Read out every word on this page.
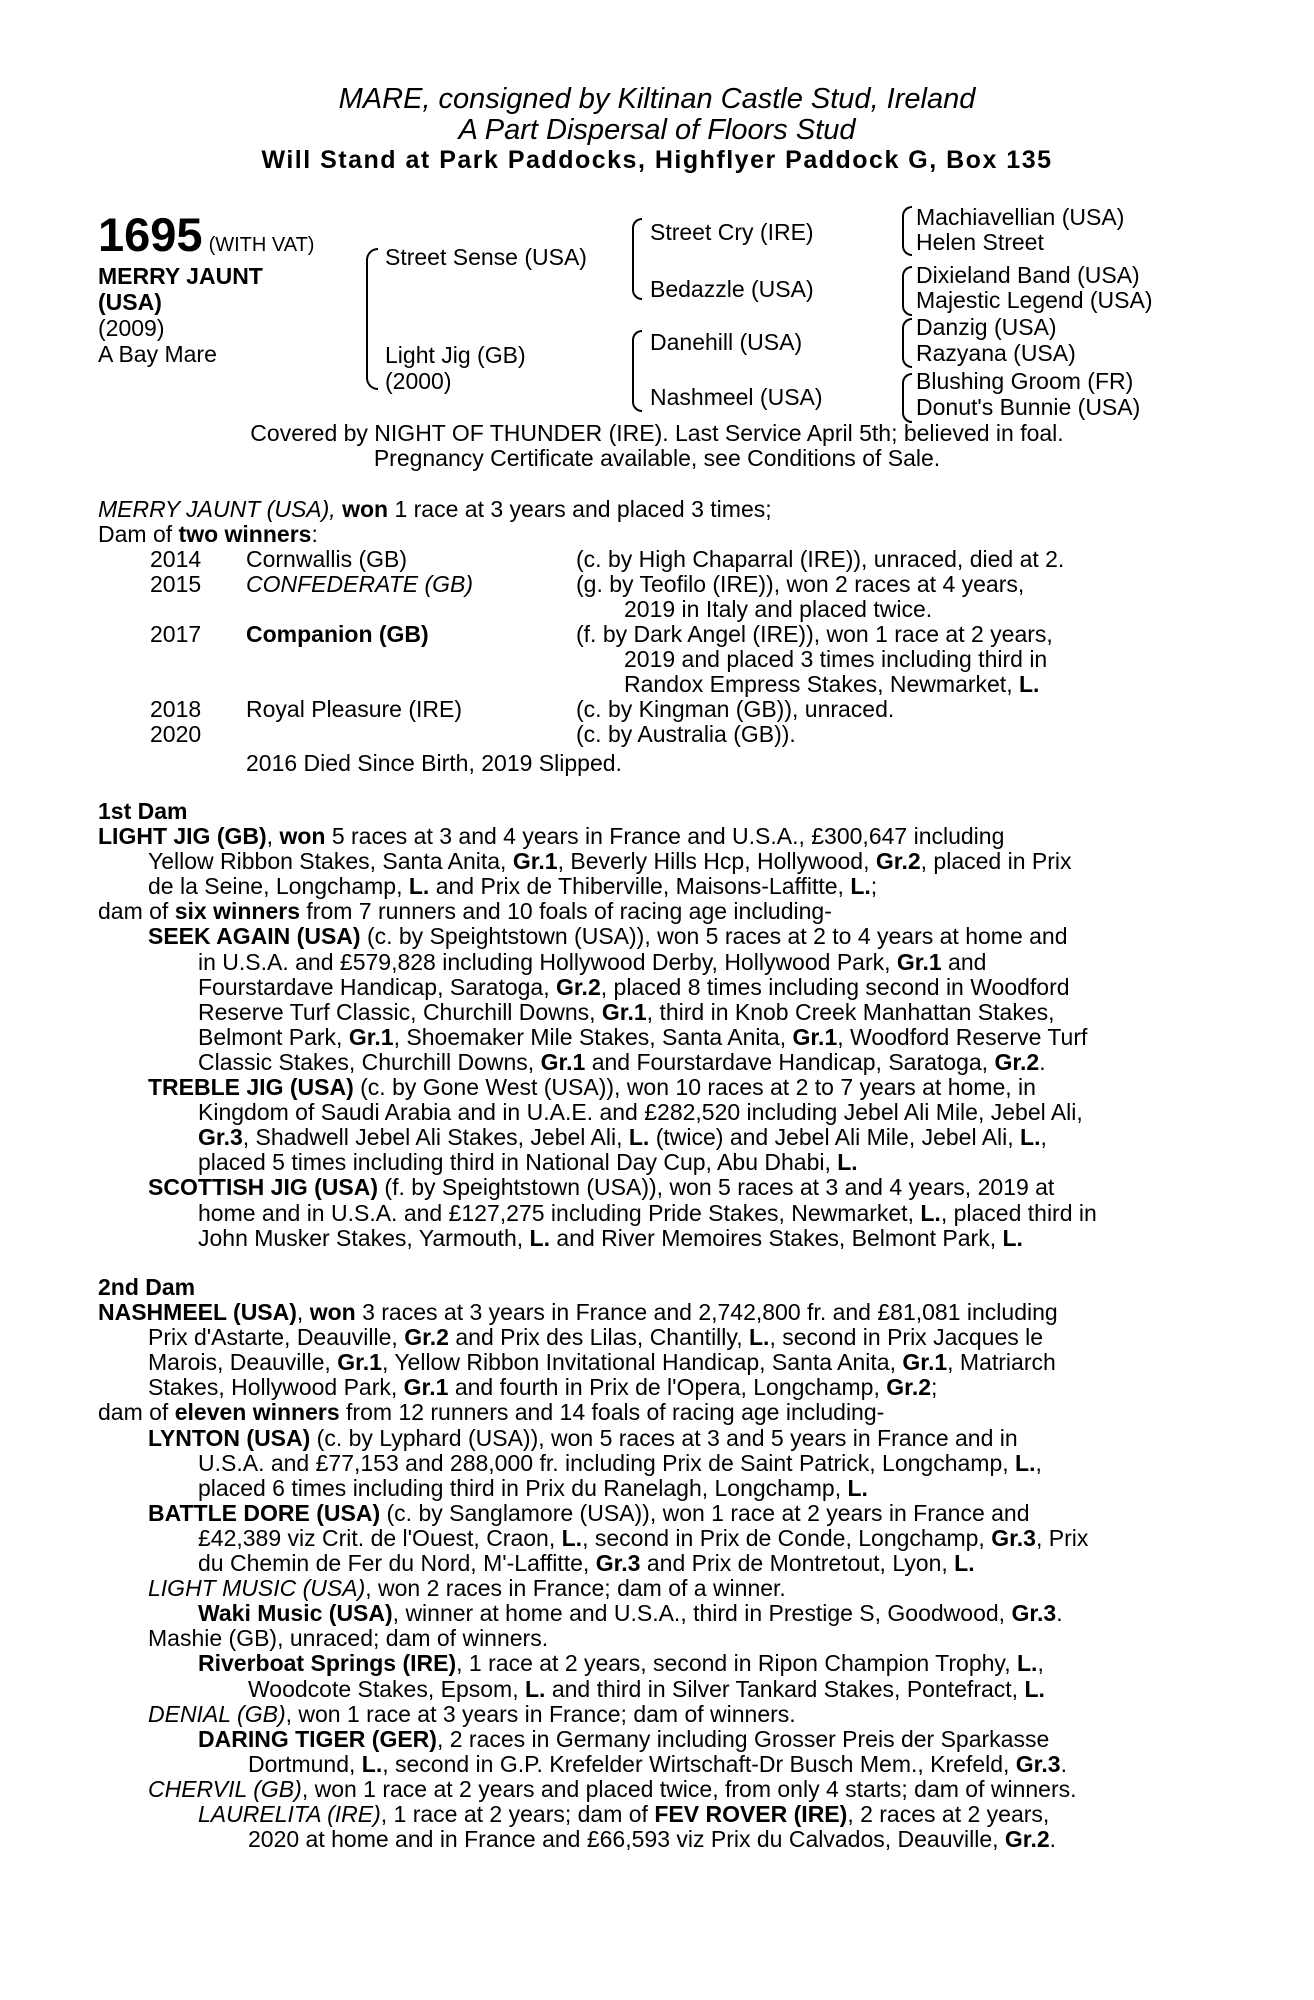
MARE, consigned by Kiltinan Castle Stud, Ireland
A Part Dispersal of Floors Stud
Will Stand at Park Paddocks, Highflyer Paddock G, Box 135
1695 (WITH VAT)
MERRY JAUNT
(USA)
(2009)
A Bay Mare
Street Sense (USA)
Light Jig (GB)
(2000)
Street Cry (IRE)
Bedazzle (USA)
Danehill (USA)
Nashmeel (USA)
Machiavellian (USA)
Helen Street
Dixieland Band (USA)
Majestic Legend (USA)
Danzig (USA)
Razyana (USA)
Blushing Groom (FR)
Donut's Bunnie (USA)
Covered by NIGHT OF THUNDER (IRE). Last Service April 5th; believed in foal.
Pregnancy Certificate available, see Conditions of Sale.
MERRY JAUNT (USA), won 1 race at 3 years and placed 3 times;
Dam of two winners:
2014 Cornwallis (GB)	(c. by High Chaparral (IRE)), unraced, died at 2.
2015 CONFEDERATE (GB)	(g. by Teofilo (IRE)), won 2 races at 4 years,
2019 in Italy and placed twice.
2017 Companion (GB)	(f. by Dark Angel (IRE)), won 1 race at 2 years,
2019 and placed 3 times including third in
Randox Empress Stakes, Newmarket, L.
2018 Royal Pleasure (IRE)	(c. by Kingman (GB)), unraced.
2020	(c. by Australia (GB)).
2016 Died Since Birth, 2019 Slipped.
1st Dam
LIGHT JIG (GB), won 5 races at 3 and 4 years in France and U.S.A., £300,647 including
Yellow Ribbon Stakes, Santa Anita, Gr.1, Beverly Hills Hcp, Hollywood, Gr.2, placed in Prix
de la Seine, Longchamp, L. and Prix de Thiberville, Maisons-Laffitte, L.;
dam of six winners from 7 runners and 10 foals of racing age including-
SEEK AGAIN (USA) (c. by Speightstown (USA)), won 5 races at 2 to 4 years at home and
in U.S.A. and £579,828 including Hollywood Derby, Hollywood Park, Gr.1 and
Fourstardave Handicap, Saratoga, Gr.2, placed 8 times including second in Woodford
Reserve Turf Classic, Churchill Downs, Gr.1, third in Knob Creek Manhattan Stakes,
Belmont Park, Gr.1, Shoemaker Mile Stakes, Santa Anita, Gr.1, Woodford Reserve Turf
Classic Stakes, Churchill Downs, Gr.1 and Fourstardave Handicap, Saratoga, Gr.2.
TREBLE JIG (USA) (c. by Gone West (USA)), won 10 races at 2 to 7 years at home, in
Kingdom of Saudi Arabia and in U.A.E. and £282,520 including Jebel Ali Mile, Jebel Ali,
Gr.3, Shadwell Jebel Ali Stakes, Jebel Ali, L. (twice) and Jebel Ali Mile, Jebel Ali, L.,
placed 5 times including third in National Day Cup, Abu Dhabi, L.
SCOTTISH JIG (USA) (f. by Speightstown (USA)), won 5 races at 3 and 4 years, 2019 at
home and in U.S.A. and £127,275 including Pride Stakes, Newmarket, L., placed third in
John Musker Stakes, Yarmouth, L. and River Memoires Stakes, Belmont Park, L.
2nd Dam
NASHMEEL (USA), won 3 races at 3 years in France and 2,742,800 fr. and £81,081 including
Prix d'Astarte, Deauville, Gr.2 and Prix des Lilas, Chantilly, L., second in Prix Jacques le
Marois, Deauville, Gr.1, Yellow Ribbon Invitational Handicap, Santa Anita, Gr.1, Matriarch
Stakes, Hollywood Park, Gr.1 and fourth in Prix de l'Opera, Longchamp, Gr.2;
dam of eleven winners from 12 runners and 14 foals of racing age including-
LYNTON (USA) (c. by Lyphard (USA)), won 5 races at 3 and 5 years in France and in
U.S.A. and £77,153 and 288,000 fr. including Prix de Saint Patrick, Longchamp, L.,
placed 6 times including third in Prix du Ranelagh, Longchamp, L.
BATTLE DORE (USA) (c. by Sanglamore (USA)), won 1 race at 2 years in France and
£42,389 viz Crit. de l'Ouest, Craon, L., second in Prix de Conde, Longchamp, Gr.3, Prix
du Chemin de Fer du Nord, M'-Laffitte, Gr.3 and Prix de Montretout, Lyon, L.
LIGHT MUSIC (USA), won 2 races in France; dam of a winner.
Waki Music (USA), winner at home and U.S.A., third in Prestige S, Goodwood, Gr.3.
Mashie (GB), unraced; dam of winners.
Riverboat Springs (IRE), 1 race at 2 years, second in Ripon Champion Trophy, L.,
Woodcote Stakes, Epsom, L. and third in Silver Tankard Stakes, Pontefract, L.
DENIAL (GB), won 1 race at 3 years in France; dam of winners.
DARING TIGER (GER), 2 races in Germany including Grosser Preis der Sparkasse
Dortmund, L., second in G.P. Krefelder Wirtschaft-Dr Busch Mem., Krefeld, Gr.3.
CHERVIL (GB), won 1 race at 2 years and placed twice, from only 4 starts; dam of winners.
LAURELITA (IRE), 1 race at 2 years; dam of FEV ROVER (IRE), 2 races at 2 years,
2020 at home and in France and £66,593 viz Prix du Calvados, Deauville, Gr.2.
